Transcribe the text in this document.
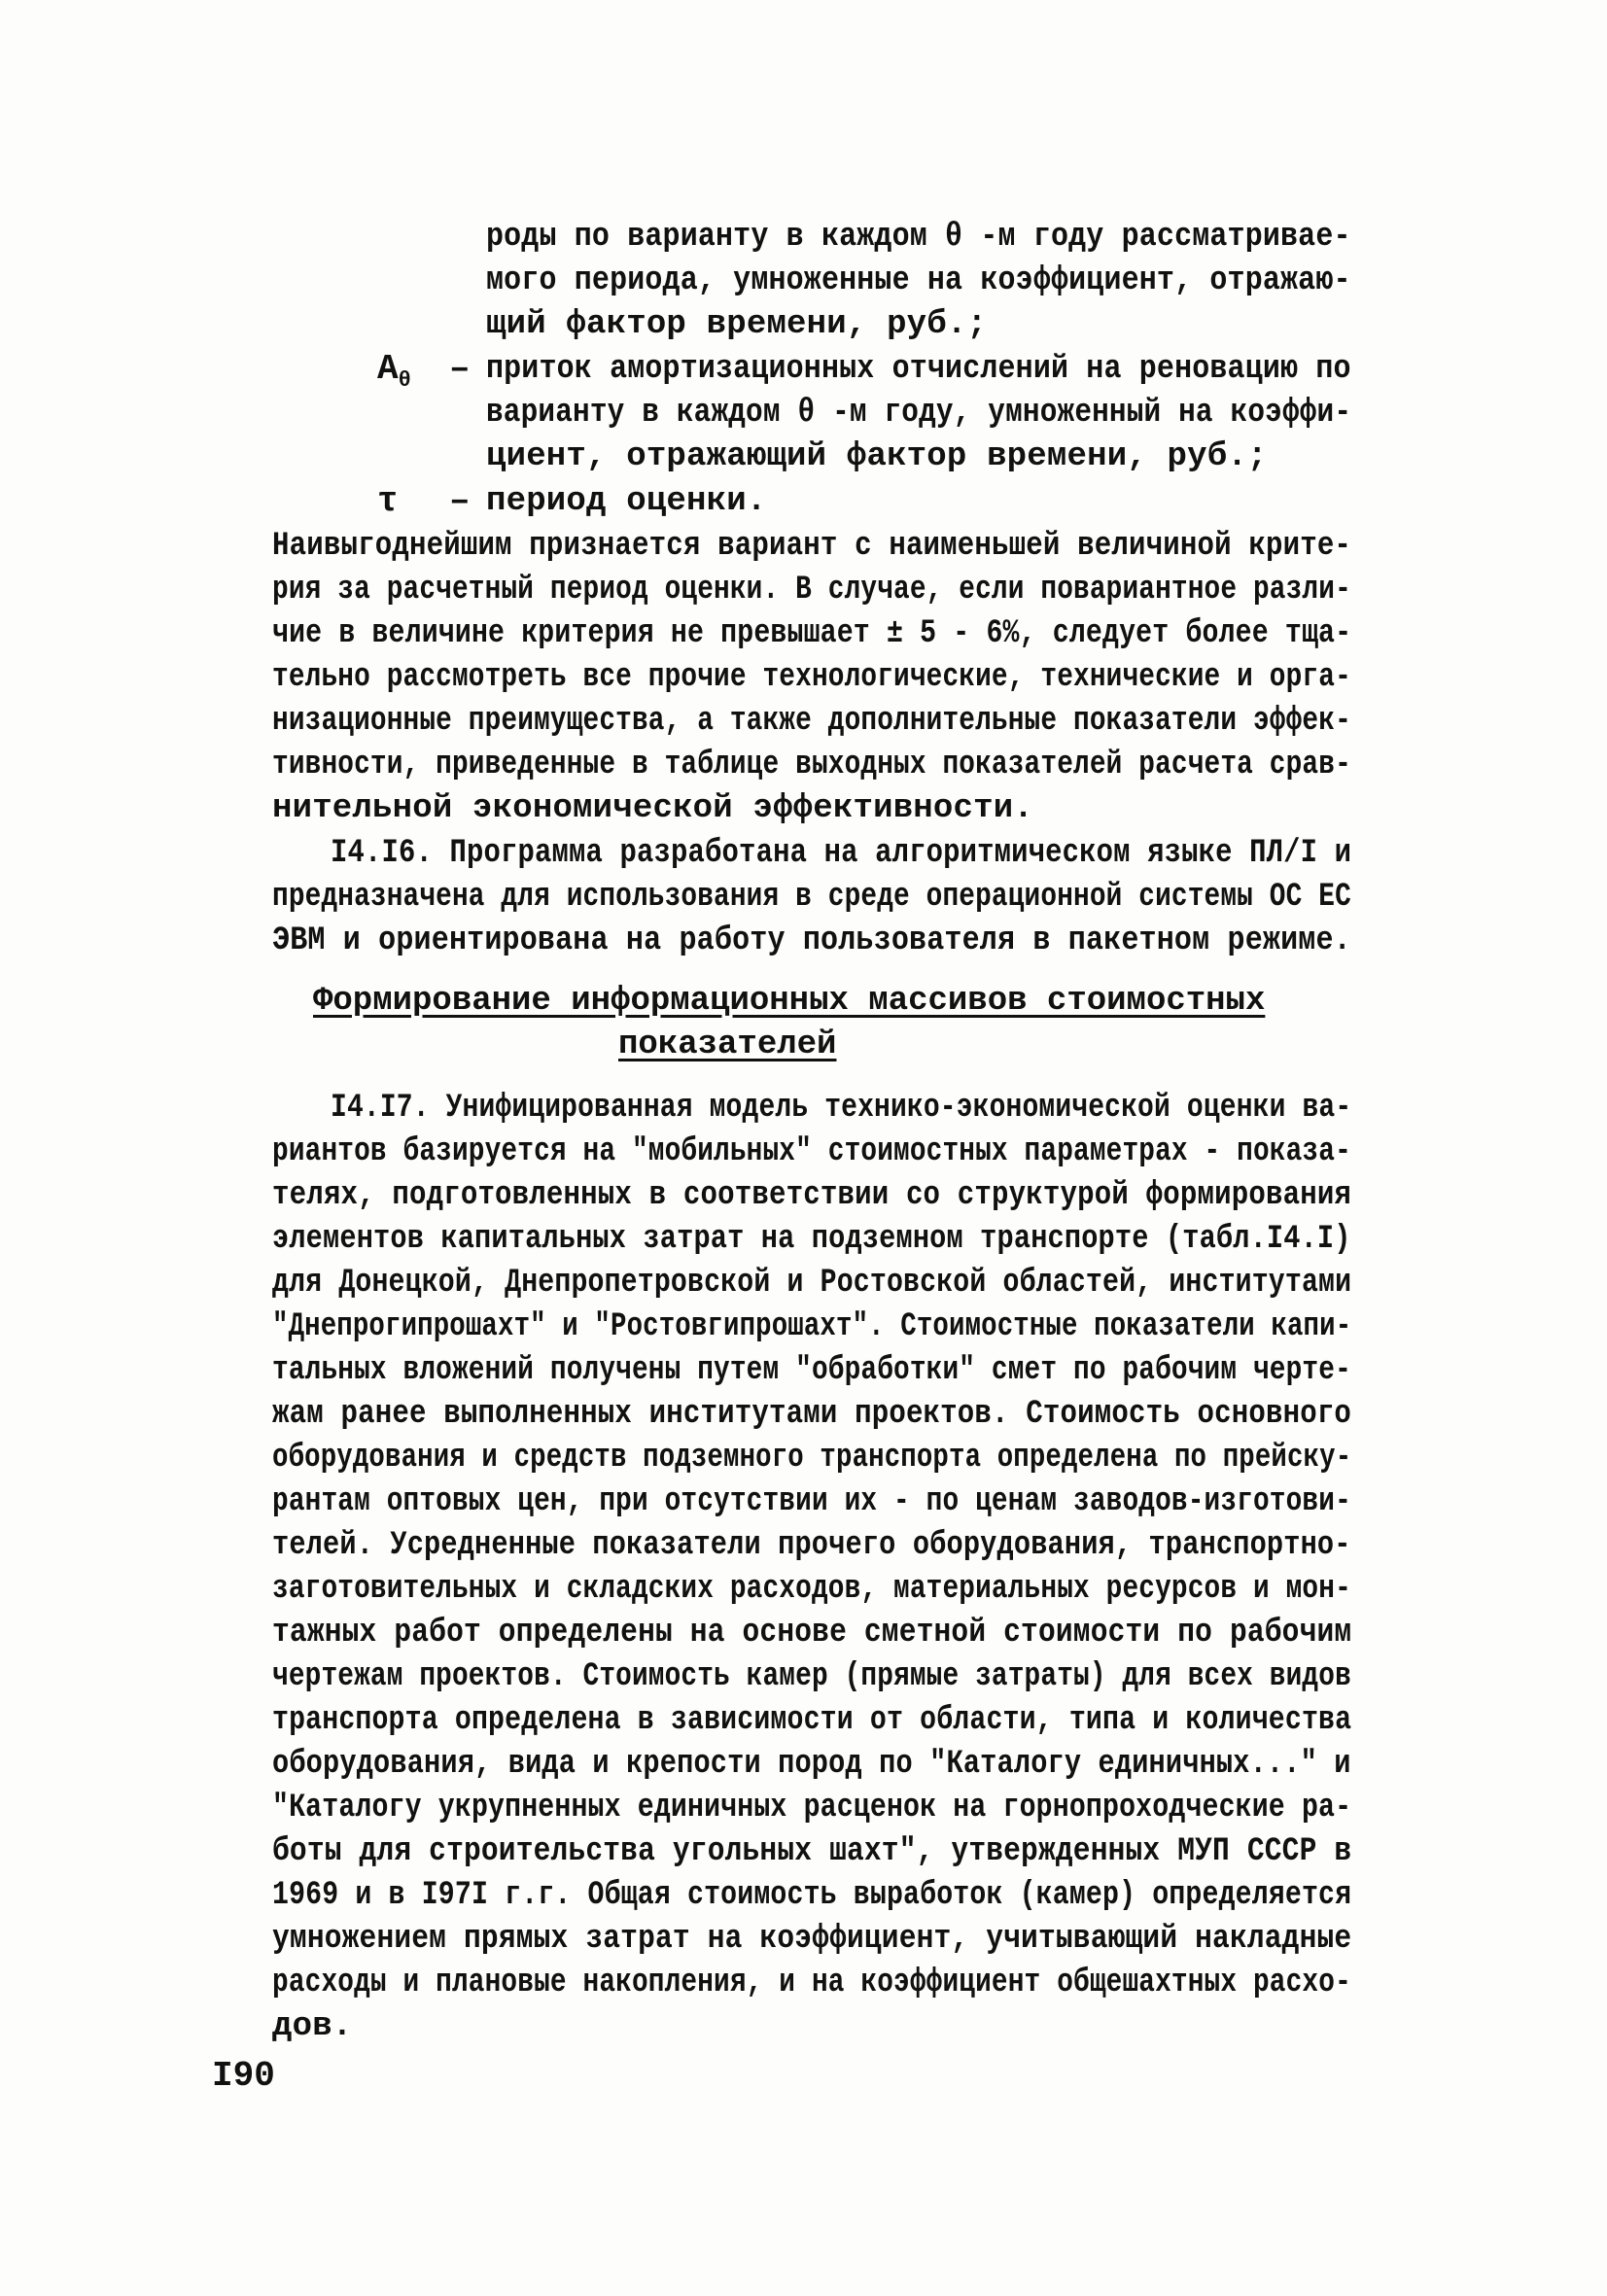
роды по варианту в каждом θ -м году рассматривае-
мого периода, умноженные на коэффициент, отражаю-
щий фактор времени, руб.;
$A_\theta$ – приток амортизационных отчислений на реновацию по
варианту в каждом θ -м году, умноженный на коэффи-
циент, отражающий фактор времени, руб.;
τ – период оценки.
Наивыгоднейшим признается вариант с наименьшей величиной крите-
рия за расчетный период оценки. В случае, если повариантное разли-
чие в величине критерия не превышает ± 5 - 6%, следует более тща-
тельно рассмотреть все прочие технологические, технические и орга-
низационные преимущества, а также дополнительные показатели эффек-
тивности, приведенные в таблице выходных показателей расчета срав-
нительной экономической эффективности.
I4.I6. Программа разработана на алгоритмическом языке ПЛ/I и
предназначена для использования в среде операционной системы ОС ЕС
ЭВМ и ориентирована на работу пользователя в пакетном режиме.
Формирование информационных массивов стоимостных
показателей
I4.I7. Унифицированная модель технико-экономической оценки ва-
риантов базируется на "мобильных" стоимостных параметрах - показа-
телях, подготовленных в соответствии со структурой формирования
элементов капитальных затрат на подземном транспорте (табл.I4.I)
для Донецкой, Днепропетровской и Ростовской областей, институтами
"Днепрогипрошахт" и "Ростовгипрошахт". Стоимостные показатели капи-
тальных вложений получены путем "обработки" смет по рабочим черте-
жам ранее выполненных институтами проектов. Стоимость основного
оборудования и средств подземного транспорта определена по прейску-
рантам оптовых цен, при отсутствии их - по ценам заводов-изготови-
телей. Усредненные показатели прочего оборудования, транспортно-
заготовительных и складских расходов, материальных ресурсов и мон-
тажных работ определены на основе сметной стоимости по рабочим
чертежам проектов. Стоимость камер (прямые затраты) для всех видов
транспорта определена в зависимости от области, типа и количества
оборудования, вида и крепости пород по "Каталогу единичных..." и
"Каталогу укрупненных единичных расценок на горнопроходческие ра-
боты для строительства угольных шахт", утвержденных МУП СССР в
1969 и в I97I г.г. Общая стоимость выработок (камер) определяется
умножением прямых затрат на коэффициент, учитывающий накладные
расходы и плановые накопления, и на коэффициент общешахтных расхо-
дов.
I90
